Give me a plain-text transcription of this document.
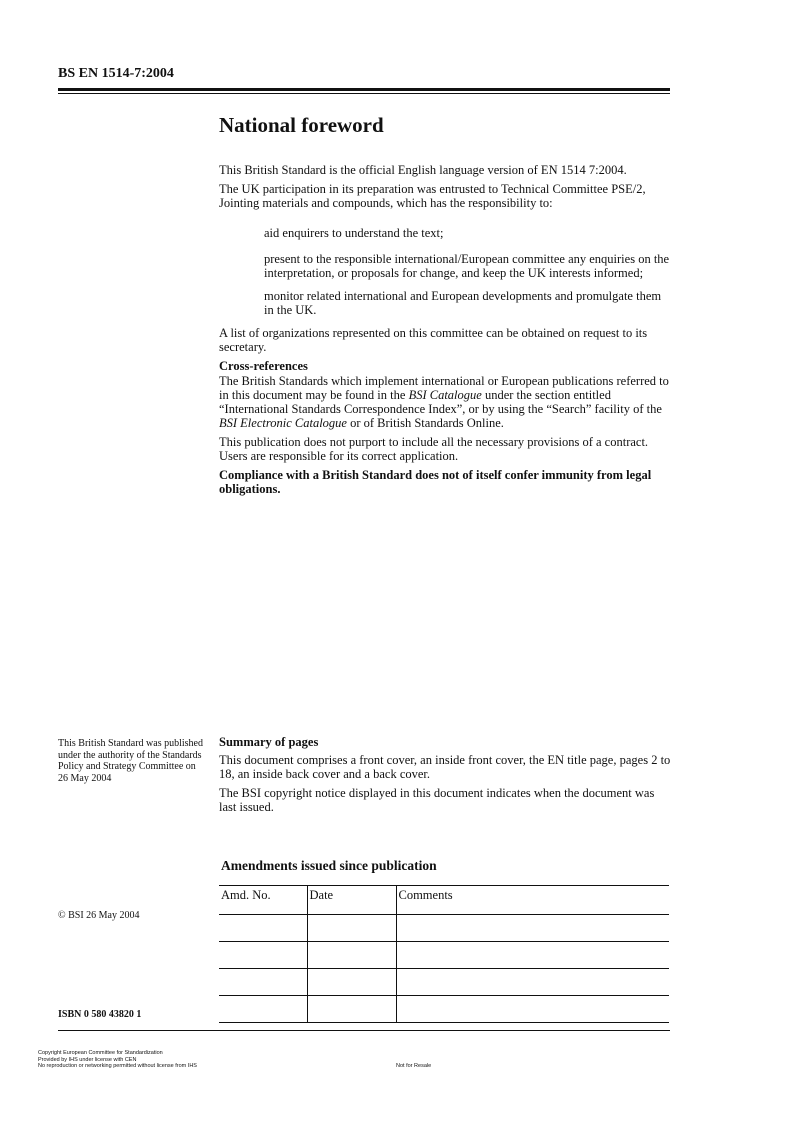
BS EN 1514-7:2004
National foreword

This British Standard is the official English language version of EN 1514 7:2004.

The UK participation in its preparation was entrusted to Technical Committee PSE/2, Jointing materials and compounds, which has the responsibility to:

aid enquirers to understand the text;

present to the responsible international/European committee any enquiries on the interpretation, or proposals for change, and keep the UK interests informed;

monitor related international and European developments and promulgate them in the UK.

A list of organizations represented on this committee can be obtained on request to its secretary.

Cross-references

The British Standards which implement international or European publications referred to in this document may be found in the BSI Catalogue under the section entitled “International Standards Correspondence Index”, or by using the “Search” facility of the BSI Electronic Catalogue or of British Standards Online.

This publication does not purport to include all the necessary provisions of a contract. Users are responsible for its correct application.

Compliance with a British Standard does not of itself confer immunity from legal obligations.

This British Standard was published under the authority of the Standards Policy and Strategy Committee on 26 May 2004

Summary of pages

This document comprises a front cover, an inside front cover, the EN title page, pages 2 to 18, an inside back cover and a back cover.

The BSI copyright notice displayed in this document indicates when the document was last issued.

Amendments issued since publication
Amd. No.	Date	Comments

© BSI 26 May 2004
ISBN 0 580 43820 1
Copyright European Committee for Standardization
Provided by IHS under license with CEN
No reproduction or networking permitted without license from IHS	Not for Resale
